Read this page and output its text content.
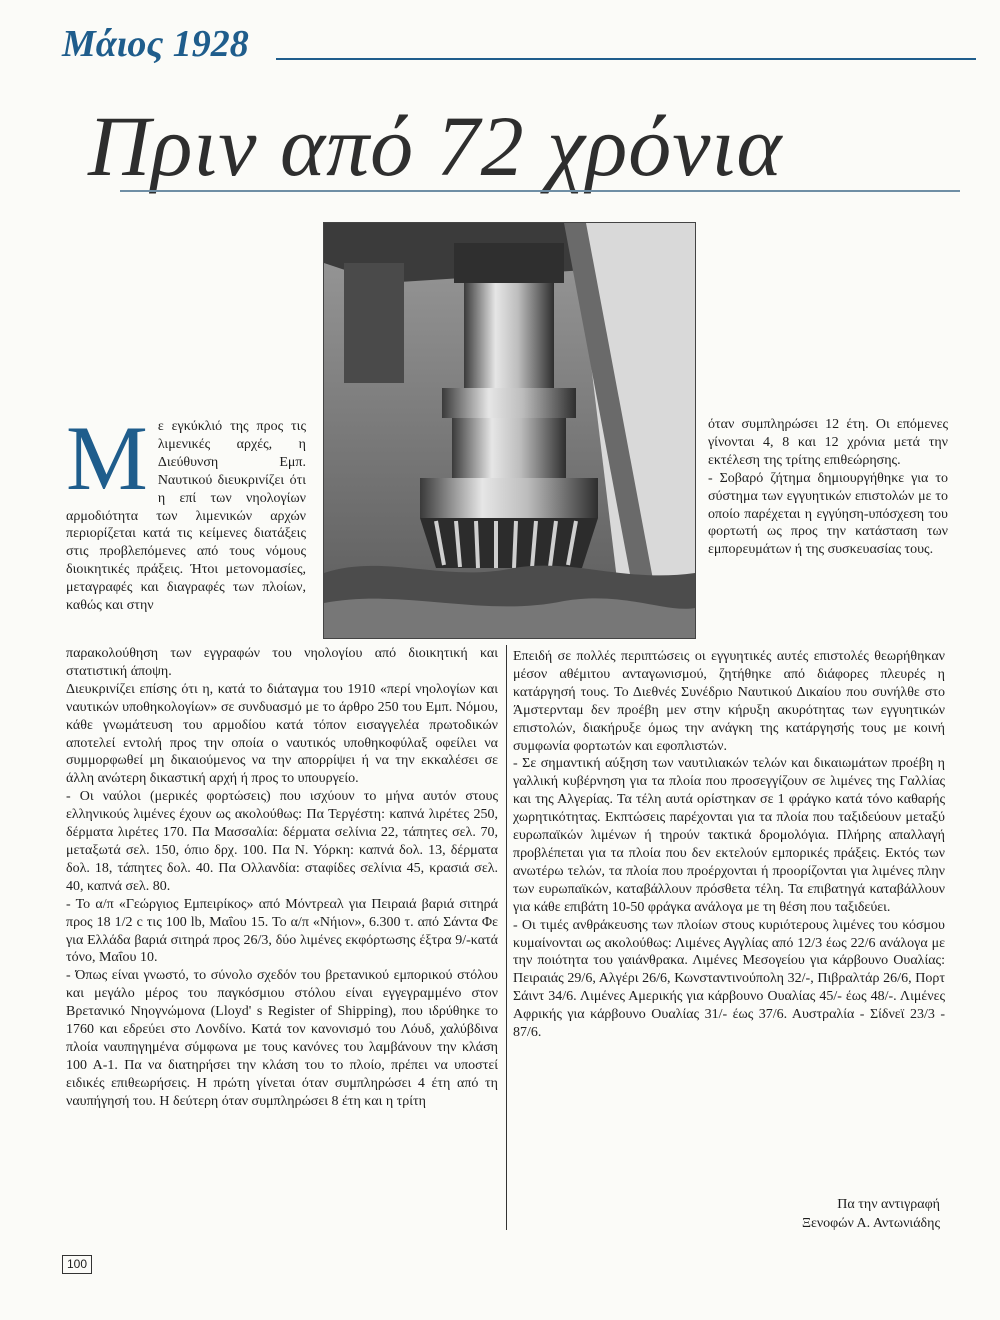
Μάιος 1928
Πριν από 72 χρόνια
Μ ε εγκύκλιό της προς τις λιμενικές αρχές, η Διεύθυνση Εμπ. Ναυτικού διευκρινίζει ότι η επί των νηολογίων αρμοδιότητα των λιμενικών αρχών περιορίζεται κατά τις κείμενες διατάξεις στις προβλεπόμενες από τους νόμους διοικητικές πράξεις. Ήτοι μετονομασίες, μεταγραφές και διαγραφές των πλοίων, καθώς και στην

παρακολούθηση των εγγραφών του νηολογίου από διοικητική και στατιστική άποψη.

Διευκρινίζει επίσης ότι η, κατά το διάταγμα του 1910 «περί νηολογίων και ναυτικών υποθηκολογίων» σε συνδυασμό με το άρθρο 250 του Εμπ. Νόμου, κάθε γνωμάτευση του αρμοδίου κατά τόπον εισαγγελέα πρωτοδικών αποτελεί εντολή προς την οποία ο ναυτικός υποθηκοφύλαξ οφείλει να συμμορφωθεί μη δικαιούμενος να την απορρίψει ή να την εκκαλέσει σε άλλη ανώτερη δικαστική αρχή ή προς το υπουργείο.

- Οι ναύλοι (μερικές φορτώσεις) που ισχύουν το μήνα αυτόν στους ελληνικούς λιμένες έχουν ως ακολούθως: Πα Τεργέστη: καπνά λιρέτες 250, δέρματα λιρέτες 170. Πα Μασσαλία: δέρματα σελίνια 22, τάπητες σελ. 70, μεταξωτά σελ. 150, όπιο δρχ. 100. Πα Ν. Υόρκη: καπνά δολ. 13, δέρματα δολ. 18, τάπητες δολ. 40. Πα Ολλανδία: σταφίδες σελίνια 45, κρασιά σελ. 40, καπνά σελ. 80.

- Το α/π «Γεώργιος Εμπειρίκος» από Μόντρεαλ για Πειραιά βαριά σιτηρά προς 18 1/2 c τις 100 lb, Μαΐου 15. Το α/π «Νήιον», 6.300 τ. από Σάντα Φε για Ελλάδα βαριά σιτηρά προς 26/3, δύο λιμένες εκφόρτωσης έξτρα 9/-κατά τόνο, Μαΐου 10.

- Όπως είναι γνωστό, το σύνολο σχεδόν του βρετανικού εμπορικού στόλου και μεγάλο μέρος του παγκόσμιου στόλου είναι εγγεγραμμένο στον Βρετανικό Νηογνώμονα (Lloyd' s Register of Shipping), που ιδρύθηκε το 1760 και εδρεύει στο Λονδίνο. Κατά τον κανονισμό του Λόυδ, χαλύβδινα πλοία ναυπηγημένα σύμφωνα με τους κανόνες του λαμβάνουν την κλάση 100 Α-1. Πα να διατηρήσει την κλάση του το πλοίο, πρέπει να υποστεί ειδικές επιθεωρήσεις. Η πρώτη γίνεται όταν συμπληρώσει 4 έτη από τη ναυπήγησή του. Η δεύτερη όταν συμπληρώσει 8 έτη και η τρίτη

όταν συμπληρώσει 12 έτη. Οι επόμενες γίνονται 4, 8 και 12 χρόνια μετά την εκτέλεση της τρίτης επιθεώρησης.

- Σοβαρό ζήτημα δημιουργήθηκε για το σύστημα των εγγυητικών επιστολών με το οποίο παρέχεται η εγγύηση-υπόσχεση του φορτωτή ως προς την κατάσταση των εμπορευμάτων ή της συσκευασίας τους.

Επειδή σε πολλές περιπτώσεις οι εγγυητικές αυτές επιστολές θεωρήθηκαν μέσον αθέμιτου ανταγωνισμού, ζητήθηκε από διάφορες πλευρές η κατάργησή τους. Το Διεθνές Συνέδριο Ναυτικού Δικαίου που συνήλθε στο Άμστερνταμ δεν προέβη μεν στην κήρυξη ακυρότητας των εγγυητικών επιστολών, διακήρυξε όμως την ανάγκη της κατάργησής τους με κοινή συμφωνία φορτωτών και εφοπλιστών.

- Σε σημαντική αύξηση των ναυτιλιακών τελών και δικαιωμάτων προέβη η γαλλική κυβέρνηση για τα πλοία που προσεγγίζουν σε λιμένες της Γαλλίας και της Αλγερίας. Τα τέλη αυτά ορίστηκαν σε 1 φράγκο κατά τόνο καθαρής χωρητικότητας. Εκπτώσεις παρέχονται για τα πλοία που ταξιδεύουν μεταξύ ευρωπαϊκών λιμένων ή τηρούν τακτικά δρομολόγια. Πλήρης απαλλαγή προβλέπεται για τα πλοία που δεν εκτελούν εμπορικές πράξεις. Εκτός των ανωτέρω τελών, τα πλοία που προέρχονται ή προορίζονται για λιμένες πλην των ευρωπαϊκών, καταβάλλουν πρόσθετα τέλη. Τα επιβατηγά καταβάλλουν για κάθε επιβάτη 10-50 φράγκα ανάλογα με τη θέση που ταξιδεύει.

- Οι τιμές ανθράκευσης των πλοίων στους κυριότερους λιμένες του κόσμου κυμαίνονται ως ακολούθως: Λιμένες Αγγλίας από 12/3 έως 22/6 ανάλογα με την ποιότητα του γαιάνθρακα. Λιμένες Μεσογείου για κάρβουνο Ουαλίας: Πειραιάς 29/6, Αλγέρι 26/6, Κωνσταντινούπολη 32/-, Πιβραλτάρ 26/6, Πορτ Σάιντ 34/6. Λιμένες Αμερικής για κάρβουνο Ουαλίας 45/- έως 48/-. Λιμένες Αφρικής για κάρβουνο Ουαλίας 31/- έως 37/6. Αυστραλία - Σίδνεϊ 23/3 - 87/6.

Πα την αντιγραφή
Ξενοφών Α. Αντωνιάδης
100
